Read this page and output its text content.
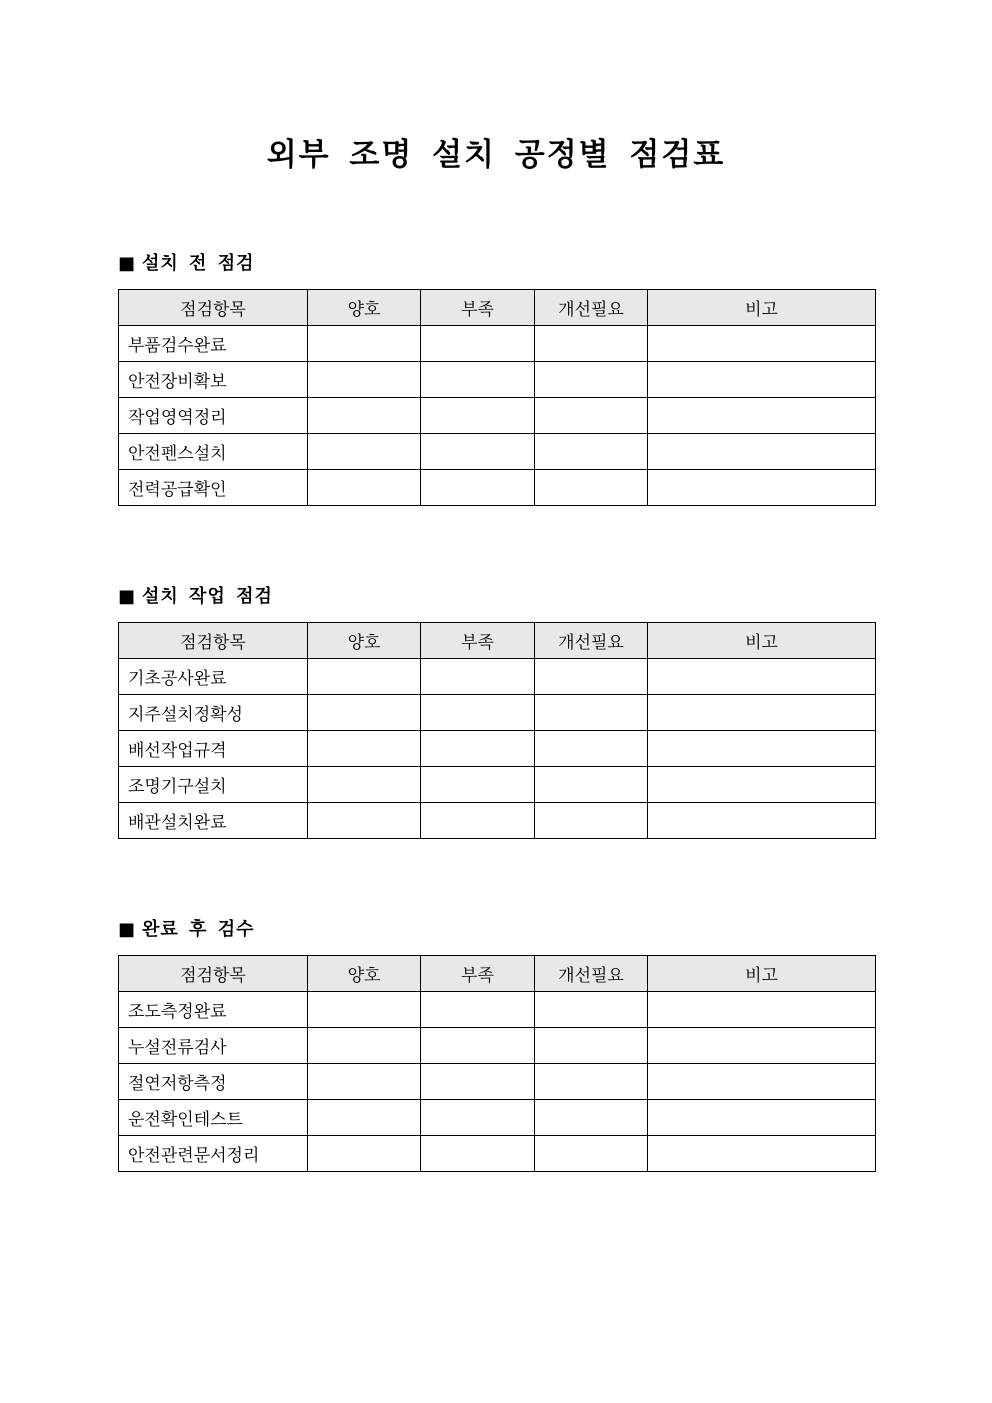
외부 조명 설치 공정별 점검표
■ 설치 전 점검
점검항목	양호	부족	개선필요	비고
부품검수완료				
안전장비확보				
작업영역정리				
안전펜스설치				
전력공급확인				
■ 설치 작업 점검
점검항목	양호	부족	개선필요	비고
기초공사완료				
지주설치정확성				
배선작업규격				
조명기구설치				
배관설치완료				
■ 완료 후 검수
점검항목	양호	부족	개선필요	비고
조도측정완료				
누설전류검사				
절연저항측정				
운전확인테스트				
안전관련문서정리				
